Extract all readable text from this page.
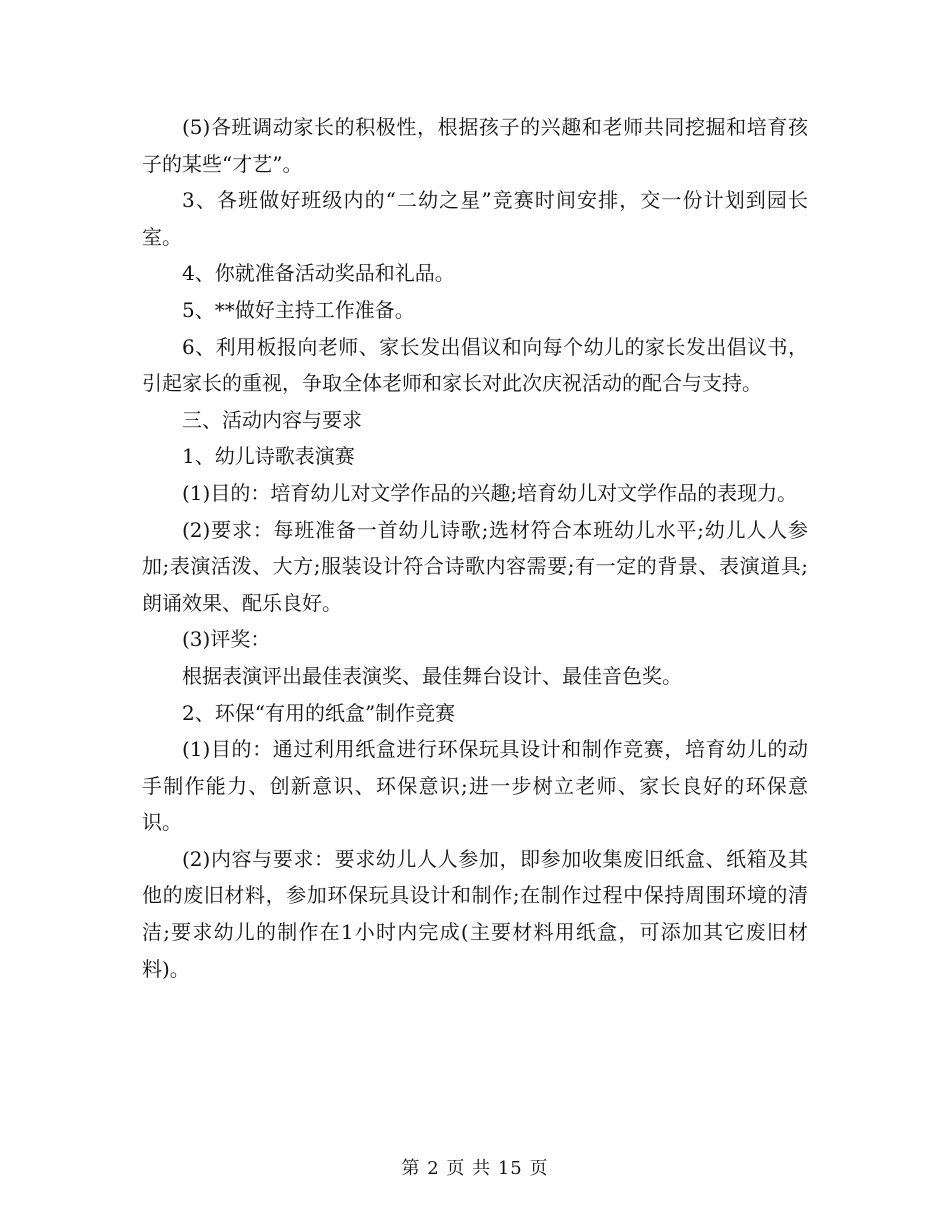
(5)各班调动家长的积极性，根据孩子的兴趣和老师共同挖掘和培育孩子的某些“才艺”。

3、各班做好班级内的“二幼之星”竞赛时间安排，交一份计划到园长室。

4、你就准备活动奖品和礼品。

5、**做好主持工作准备。

6、利用板报向老师、家长发出倡议和向每个幼儿的家长发出倡议书，引起家长的重视，争取全体老师和家长对此次庆祝活动的配合与支持。

三、活动内容与要求

1、幼儿诗歌表演赛

(1)目的：培育幼儿对文学作品的兴趣;培育幼儿对文学作品的表现力。

(2)要求：每班准备一首幼儿诗歌;选材符合本班幼儿水平;幼儿人人参加;表演活泼、大方;服装设计符合诗歌内容需要;有一定的背景、表演道具;朗诵效果、配乐良好。

(3)评奖：

根据表演评出最佳表演奖、最佳舞台设计、最佳音色奖。

2、环保“有用的纸盒”制作竞赛

(1)目的：通过利用纸盒进行环保玩具设计和制作竞赛，培育幼儿的动手制作能力、创新意识、环保意识;进一步树立老师、家长良好的环保意识。

(2)内容与要求：要求幼儿人人参加，即参加收集废旧纸盒、纸箱及其他的废旧材料，参加环保玩具设计和制作;在制作过程中保持周围环境的清洁;要求幼儿的制作在1小时内完成(主要材料用纸盒，可添加其它废旧材料)。

第 2 页 共 15 页
